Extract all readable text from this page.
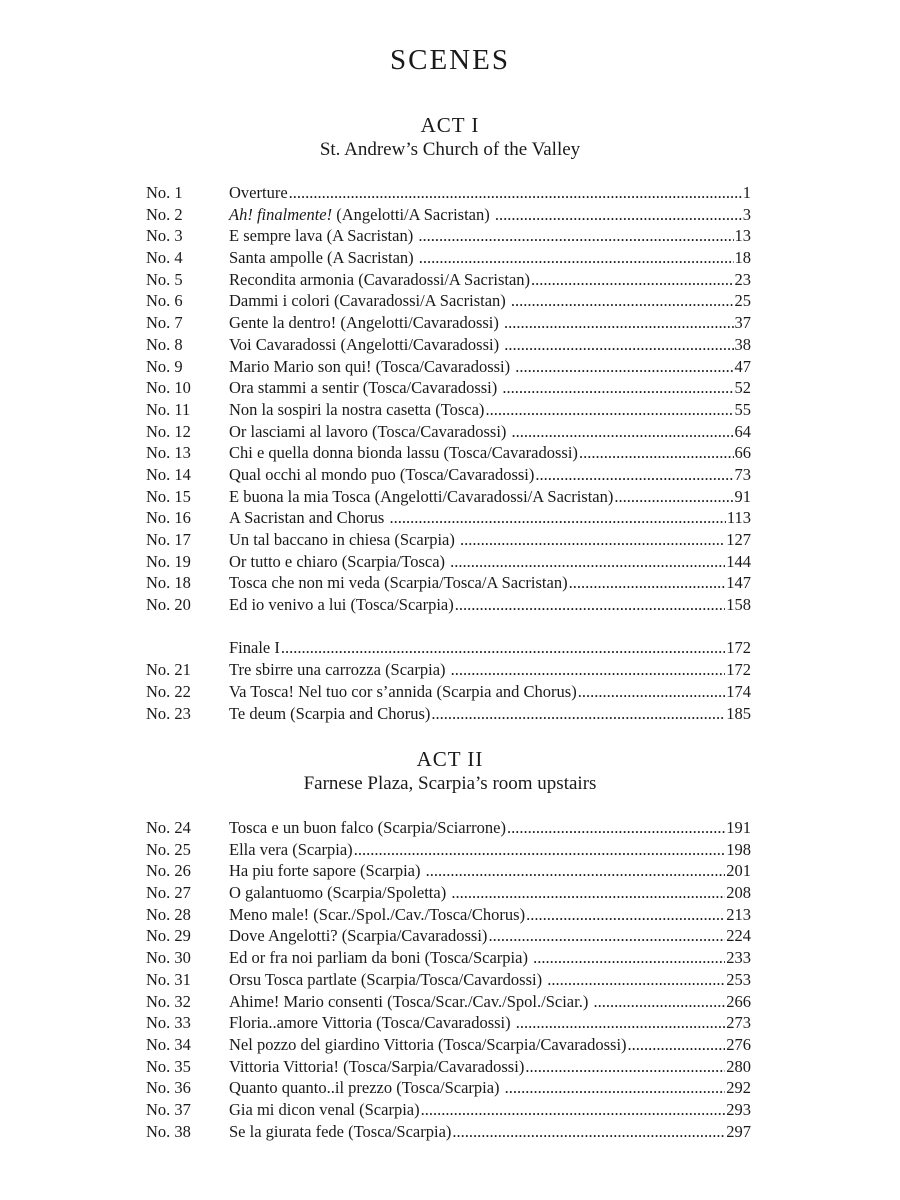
SCENES
ACT I
St. Andrew’s Church of the Valley
No. 1	Overture .....	1
No. 2	Ah! finalmente! (Angelotti/A Sacristan) .....	3
No. 3	E sempre lava (A Sacristan) .....	13
No. 4	Santa ampolle (A Sacristan) .....	18
No. 5	Recondita armonia (Cavaradossi/A Sacristan) .....	23
No. 6	Dammi i colori (Cavaradossi/A Sacristan) .....	25
No. 7	Gente la dentro! (Angelotti/Cavaradossi) .....	37
No. 8	Voi Cavaradossi (Angelotti/Cavaradossi) .....	38
No. 9	Mario Mario son qui! (Tosca/Cavaradossi) .....	47
No. 10	Ora stammi a sentir (Tosca/Cavaradossi) .....	52
No. 11	Non la sospiri la nostra casetta (Tosca) .....	55
No. 12	Or lasciami al lavoro (Tosca/Cavaradossi) .....	64
No. 13	Chi e quella donna bionda lassu (Tosca/Cavaradossi) .....	66
No. 14	Qual occhi al mondo puo (Tosca/Cavaradossi) .....	73
No. 15	E buona la mia Tosca (Angelotti/Cavaradossi/A Sacristan) .....	91
No. 16	A Sacristan and Chorus .....	113
No. 17	Un tal baccano in chiesa (Scarpia) .....	127
No. 19	Or tutto e chiaro (Scarpia/Tosca) .....	144
No. 18	Tosca che non mi veda (Scarpia/Tosca/A Sacristan) .....	147
No. 20	Ed io venivo a lui (Tosca/Scarpia) .....	158
Finale I .....	172
No. 21	Tre sbirre una carrozza (Scarpia) .....	172
No. 22	Va Tosca! Nel tuo cor s’annida (Scarpia and Chorus) .....	174
No. 23	Te deum (Scarpia and Chorus) .....	185
ACT II
Farnese Plaza, Scarpia’s room upstairs
No. 24	Tosca e un buon falco (Scarpia/Sciarrone) .....	191
No. 25	Ella vera (Scarpia) .....	198
No. 26	Ha piu forte sapore (Scarpia) .....	201
No. 27	O galantuomo (Scarpia/Spoletta) .....	208
No. 28	Meno male! (Scar./Spol./Cav./Tosca/Chorus) .....	213
No. 29	Dove Angelotti? (Scarpia/Cavaradossi) .....	224
No. 30	Ed or fra noi parliam da boni (Tosca/Scarpia) .....	233
No. 31	Orsu Tosca partlate (Scarpia/Tosca/Cavardossi) .....	253
No. 32	Ahime! Mario consenti (Tosca/Scar./Cav./Spol./Sciar.) .....	266
No. 33	Floria..amore Vittoria (Tosca/Cavaradossi) .....	273
No. 34	Nel pozzo del giardino Vittoria (Tosca/Scarpia/Cavaradossi) .....	276
No. 35	Vittoria Vittoria! (Tosca/Sarpia/Cavaradossi) .....	280
No. 36	Quanto quanto..il prezzo (Tosca/Scarpia) .....	292
No. 37	Gia mi dicon venal (Scarpia) .....	293
No. 38	Se la giurata fede (Tosca/Scarpia) .....	297
